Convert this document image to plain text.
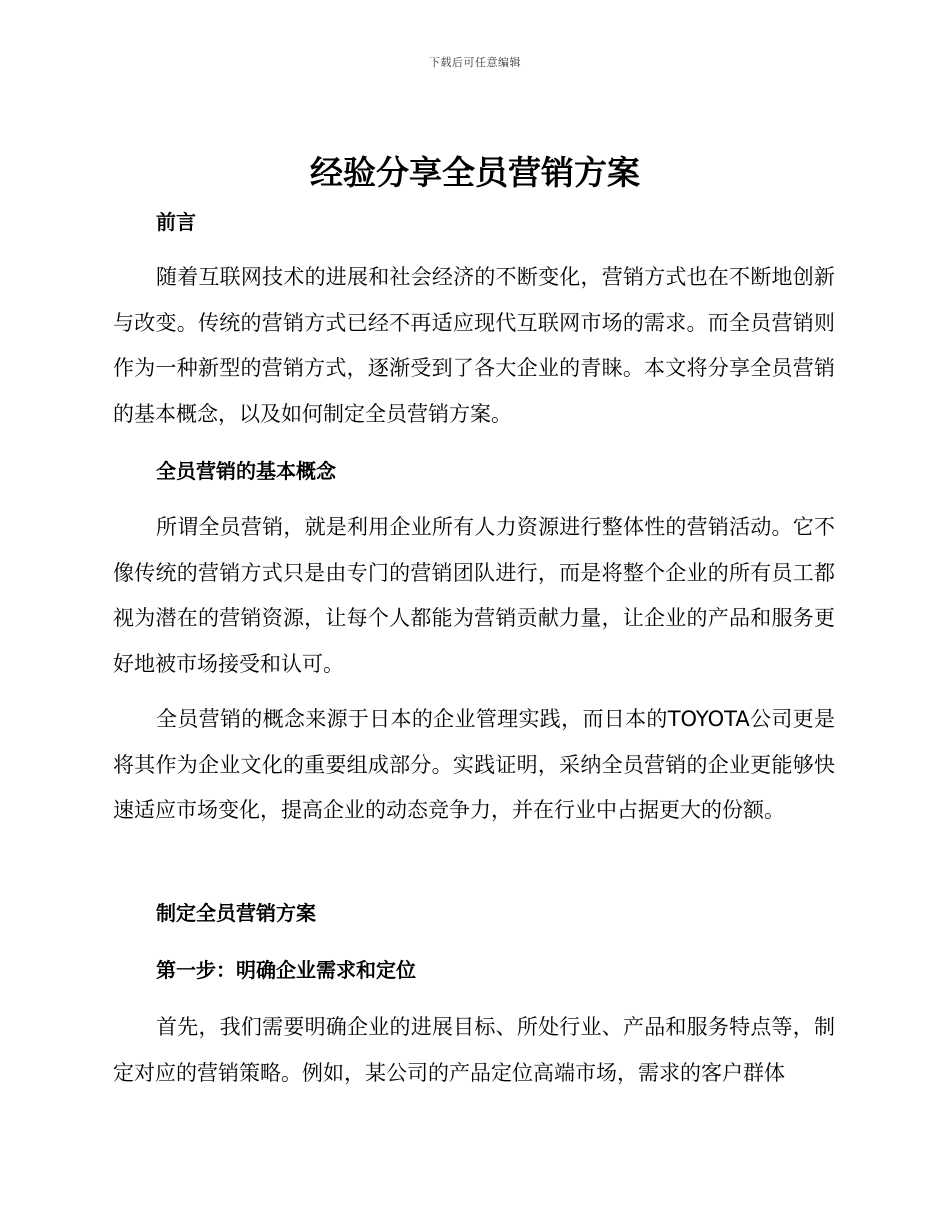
下载后可任意编辑
经验分享全员营销方案
前言

随着互联网技术的进展和社会经济的不断变化，营销方式也在不断地创新与改变。传统的营销方式已经不再适应现代互联网市场的需求。而全员营销则作为一种新型的营销方式，逐渐受到了各大企业的青睐。本文将分享全员营销的基本概念，以及如何制定全员营销方案。

全员营销的基本概念

所谓全员营销，就是利用企业所有人力资源进行整体性的营销活动。它不像传统的营销方式只是由专门的营销团队进行，而是将整个企业的所有员工都视为潜在的营销资源，让每个人都能为营销贡献力量，让企业的产品和服务更好地被市场接受和认可。

全员营销的概念来源于日本的企业管理实践，而日本的TOYOTA公司更是将其作为企业文化的重要组成部分。实践证明，采纳全员营销的企业更能够快速适应市场变化，提高企业的动态竞争力，并在行业中占据更大的份额。

制定全员营销方案
第一步：明确企业需求和定位

首先，我们需要明确企业的进展目标、所处行业、产品和服务特点等，制定对应的营销策略。例如，某公司的产品定位高端市场，需求的客户群体
